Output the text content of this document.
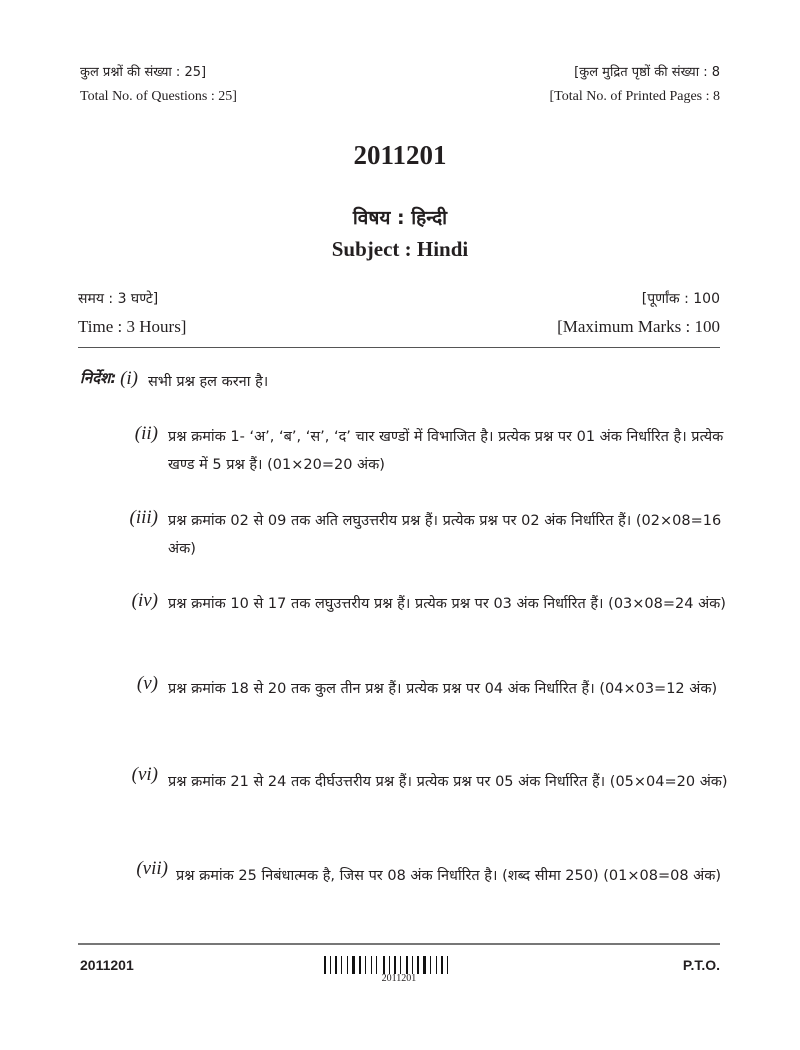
कुल प्रश्नों की संख्या : 25]
Total No. of Questions : 25]
[कुल मुद्रित पृष्ठों की संख्या : 8
[Total No. of Printed Pages : 8
2011201
विषय : हिन्दी
Subject : Hindi
समय : 3 घण्टे]
Time : 3 Hours]
[पूर्णांक : 100
[Maximum Marks : 100
निर्देश: (i) सभी प्रश्न हल करना है।
(ii) प्रश्न क्रमांक 1- ‘अ’, ‘ब’, ‘स’, ‘द’ चार खण्डों में विभाजित है। प्रत्येक प्रश्न पर 01 अंक निर्धारित है। प्रत्येक खण्ड में 5 प्रश्न हैं। (01×20=20 अंक)
(iii) प्रश्न क्रमांक 02 से 09 तक अति लघुउत्तरीय प्रश्न हैं। प्रत्येक प्रश्न पर 02 अंक निर्धारित हैं। (02×08=16 अंक)
(iv) प्रश्न क्रमांक 10 से 17 तक लघुउत्तरीय प्रश्न हैं। प्रत्येक प्रश्न पर 03 अंक निर्धारित हैं। (03×08=24 अंक)
(v) प्रश्न क्रमांक 18 से 20 तक कुल तीन प्रश्न हैं। प्रत्येक प्रश्न पर 04 अंक निर्धारित हैं। (04×03=12 अंक)
(vi) प्रश्न क्रमांक 21 से 24 तक दीर्घउत्तरीय प्रश्न हैं। प्रत्येक प्रश्न पर 05 अंक निर्धारित हैं। (05×04=20 अंक)
(vii) प्रश्न क्रमांक 25 निबंधात्मक है, जिस पर 08 अंक निर्धारित है। (शब्द सीमा 250) (01×08=08 अंक)
2011201
2011201
P.T.O.
